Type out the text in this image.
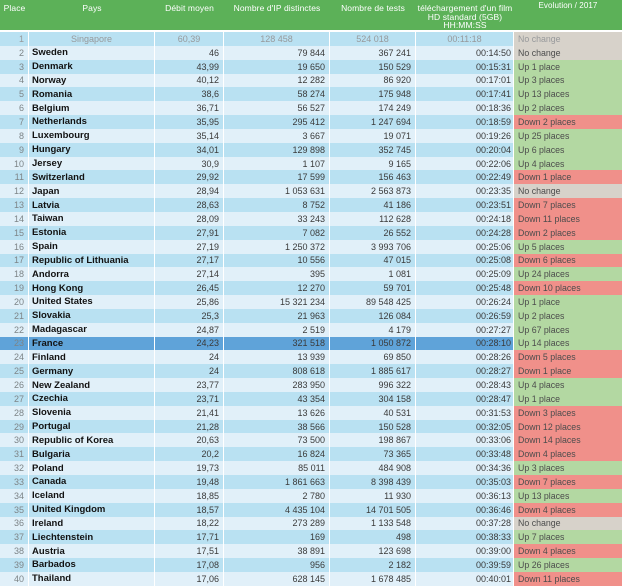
Place	Pays	Débit moyen	Nombre d'IP distinctes	Nombre de tests	téléchargement d'un film HD standard (5GB) HH:MM:SS
Evolution / 2017
1	Singapore	60,39	128 458	524 018	00:11:18	No change
2 Sweden	46	79 844	367 241	00:14:50 No change
3 Denmark	43,99	19 650	150 529	00:15:31 Up 1 place
4 Norway	40,12	12 282	86 920	00:17:01 Up 3 places
5 Romania	38,6	58 274	175 948	00:17:41 Up 13 places
6 Belgium	36,71	56 527	174 249	00:18:36 Up 2 places
7 Netherlands	35,95	295 412	1 247 694	00:18:59 Down 2 places
8 Luxembourg	35,14	3 667	19 071	00:19:26 Up 25 places
9 Hungary	34,01	129 898	352 745	00:20:04 Up 6 places
10 Jersey	30,9	1 107	9 165	00:22:06 Up 4 places
11 Switzerland	29,92	17 599	156 463	00:22:49 Down 1 place
12 Japan	28,94	1 053 631	2 563 873	00:23:35 No change
13 Latvia	28,63	8 752	41 186	00:23:51 Down 7 places
14 Taiwan	28,09	33 243	112 628	00:24:18 Down 11 places
15 Estonia	27,91	7 082	26 552	00:24:28 Down 2 places
16 Spain	27,19	1 250 372	3 993 706	00:25:06 Up 5 places
17 Republic of Lithuania	27,17	10 556	47 015	00:25:08 Down 6 places
18 Andorra	27,14	395	1 081	00:25:09 Up 24 places
19 Hong Kong	26,45	12 270	59 701	00:25:48 Down 10 places
20 United States	25,86	15 321 234	89 548 425	00:26:24 Up 1 place
21 Slovakia	25,3	21 963	126 084	00:26:59 Up 2 places
22 Madagascar	24,87	2 519	4 179	00:27:27 Up 67 places
23 France	24,23	321 518	1 050 872	00:28:10 Up 14 places
24 Finland	24	13 939	69 850	00:28:26 Down 5 places
25 Germany	24	808 618	1 885 617	00:28:27 Down 1 place
26 New Zealand	23,77	283 950	996 322	00:28:43 Up 4 places
27 Czechia	23,71	43 354	304 158	00:28:47 Up 1 place
28 Slovenia	21,41	13 626	40 531	00:31:53 Down 3 places
29 Portugal	21,28	38 566	150 528	00:32:05 Down 12 places
30 Republic of Korea	20,63	73 500	198 867	00:33:06 Down 14 places
31 Bulgaria	20,2	16 824	73 365	00:33:48 Down 4 places
32 Poland	19,73	85 011	484 908	00:34:36 Up 3 places
33 Canada	19,48	1 861 663	8 398 439	00:35:03 Down 7 places
34 Iceland	18,85	2 780	11 930	00:36:13 Up 13 places
35 United Kingdom	18,57	4 435 104	14 701 505	00:36:46 Down 4 places
36 Ireland	18,22	273 289	1 133 548	00:37:28 No change
37 Liechtenstein	17,71	169	498	00:38:33 Up 7 places
38 Austria	17,51	38 891	123 698	00:39:00 Down 4 places
39 Barbados	17,08	956	2 182	00:39:59 Up 26 places
40 Thailand	17,06	628 145	1 678 485	00:40:01 Down 11 places
